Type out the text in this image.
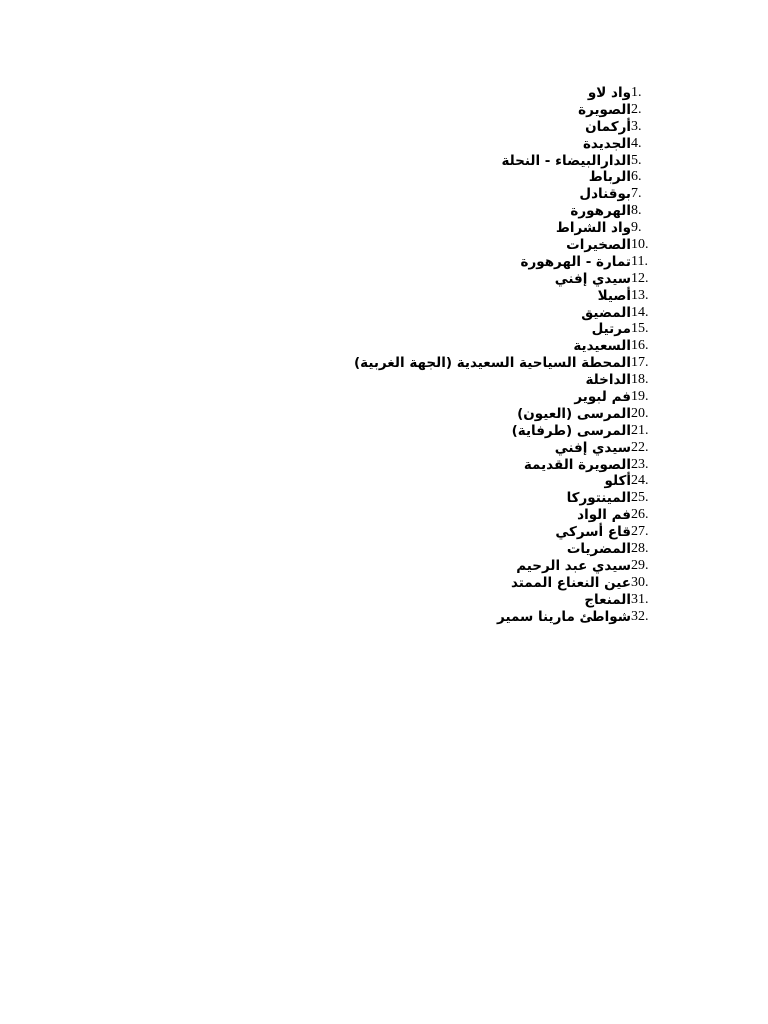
1.
واد لاو
2.
الصويرة
3.
أركمان
4.
الجديدة
5.
الدارالبيضاء - النحلة
6.
الرباط
7.
بوقنادل
8.
الهرهورة
9.
واد الشراط
10.
الصخيرات
11.
تمارة - الهرهورة
12.
سيدي إفني
13.
أصيلا
14.
المضيق
15.
مرتيل
16.
السعيدية
17.
المحطة السياحية السعيدية (الجهة الغربية)
18.
الداخلة
19.
فم لبوير
20.
المرسى (العيون)
21.
المرسى (طرفاية)
22.
سيدي إفني
23.
الصويرة القديمة
24.
أكلو
25.
المينتوركا
26.
فم الواد
27.
قاع أسركي
28.
المضريات
29.
سيدي عبد الرحيم
30.
عين النعناع الممتد
31.
المنعاج
32.
شواطئ مارينا سمير
